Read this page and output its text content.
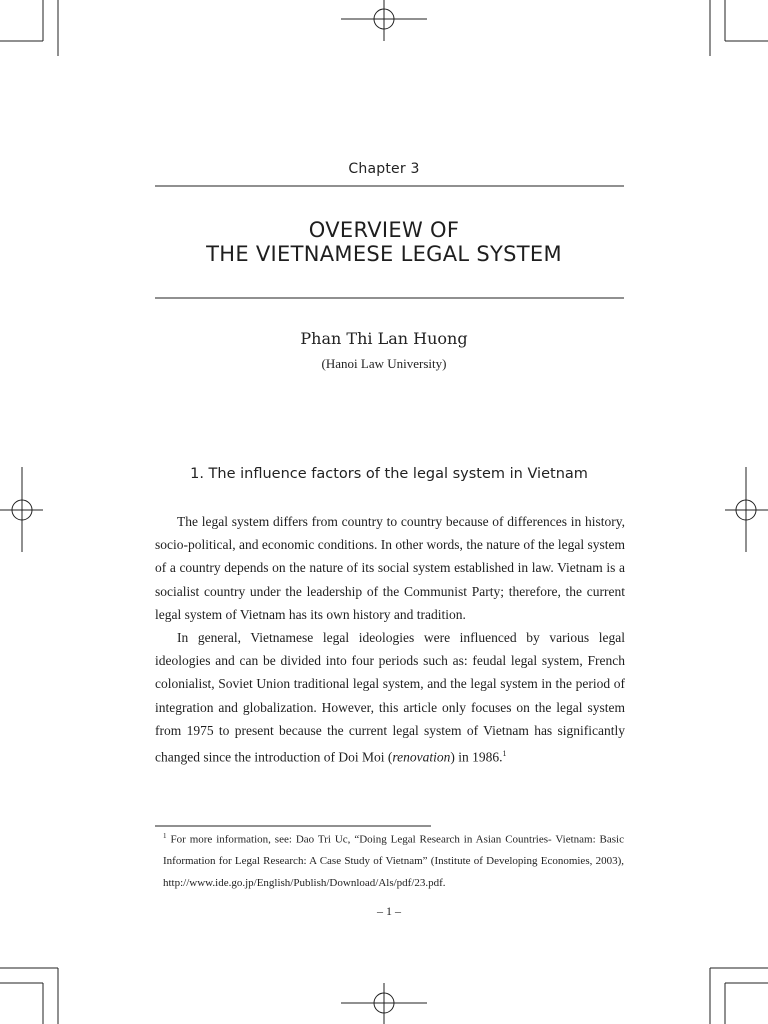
Chapter 3
OVERVIEW OF
THE VIETNAMESE LEGAL SYSTEM
Phan Thi Lan Huong
(Hanoi Law University)
1. The influence factors of the legal system in Vietnam

The legal system differs from country to country because of differences in history, socio-political, and economic conditions. In other words, the nature of the legal system of a country depends on the nature of its social system established in law. Vietnam is a socialist country under the leadership of the Communist Party; therefore, the current legal system of Vietnam has its own history and tradition.

In general, Vietnamese legal ideologies were influenced by various legal ideologies and can be divided into four periods such as: feudal legal system, French colonialist, Soviet Union traditional legal system, and the legal system in the period of integration and globalization. However, this article only focuses on the legal system from 1975 to present because the current legal system of Vietnam has significantly changed since the introduction of Doi Moi (renovation) in 1986.$^1$

$^1$ For more information, see: Dao Tri Uc, “Doing Legal Research in Asian Countries- Vietnam: Basic Information for Legal Research: A Case Study of Vietnam” (Institute of Developing Economies, 2003), http://www.ide.go.jp/English/Publish/Download/Als/pdf/23.pdf.
– 1 –
